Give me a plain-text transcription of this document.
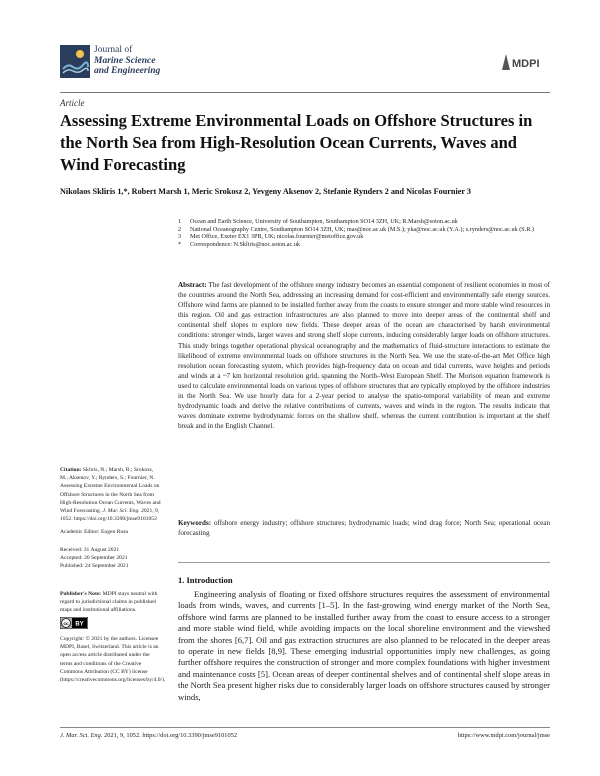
Journal of
Marine Science
and Engineering
MDPI
Article
Assessing Extreme Environmental Loads on Offshore Structures in the North Sea from High-Resolution Ocean Currents, Waves and Wind Forecasting
Nikolaos Skliris 1,*, Robert Marsh 1, Meric Srokosz 2, Yevgeny Aksenov 2, Stefanie Rynders 2 and Nicolas Fournier 3
1	Ocean and Earth Science, University of Southampton, Southampton SO14 3ZH, UK; R.Marsh@soton.ac.uk
2	National Oceanography Centre, Southampton SO14 3ZH, UK; mas@noc.ac.uk (M.S.); yka@noc.ac.uk (Y.A.); s.rynders@noc.ac.uk (S.R.)
3	Met Office, Exeter EX1 3PB, UK; nicolas.fournier@metoffice.gov.uk
*	Correspondence: N.Skliris@noc.soton.ac.uk
Abstract: The fast development of the offshore energy industry becomes an essential component of resilient economies in most of the countries around the North Sea, addressing an increasing demand for cost-efficient and environmentally safe energy sources. Offshore wind farms are planned to be installed further away from the coasts to ensure stronger and more stable wind resources in this region. Oil and gas extraction infrastructures are also planned to move into deeper areas of the continental shelf and continental shelf slopes to explore new fields. These deeper areas of the ocean are characterised by harsh environmental conditions: stronger winds, larger waves and strong shelf slope currents, inducing considerably larger loads on offshore structures. This study brings together operational physical oceanography and the mathematics of fluid-structure interactions to estimate the likelihood of extreme environmental loads on offshore structures in the North Sea. We use the state-of-the-art Met Office high resolution ocean forecasting system, which provides high-frequency data on ocean and tidal currents, wave heights and periods and winds at a ~7 km horizontal resolution grid, spanning the North–West European Shelf. The Morison equation framework is used to calculate environmental loads on various types of offshore structures that are typically employed by the offshore industries in the North Sea. We use hourly data for a 2-year period to analyse the spatio-temporal variability of mean and extreme hydrodynamic loads and derive the relative contributions of currents, waves and winds in the region. The results indicate that waves dominate extreme hydrodynamic forces on the shallow shelf, whereas the current contribution is important at the shelf break and in the English Channel.
Keywords: offshore energy industry; offshore structures; hydrodynamic loads; wind drag force; North Sea; operational ocean forecasting
Citation: Skliris, N.; Marsh, R.; Srokosz, M.; Aksenov, Y.; Rynders, S.; Fournier, N. Assessing Extreme Environmental Loads on Offshore Structures in the North Sea from High-Resolution Ocean Currents, Waves and Wind Forecasting. J. Mar. Sci. Eng. 2021, 9, 1052. https://doi.org/10.3390/jmse9101052
Academic Editor: Eugen Rusu
Received: 31 August 2021
Accepted: 20 September 2021
Published: 24 September 2021
Publisher's Note: MDPI stays neutral with regard to jurisdictional claims in published maps and institutional affiliations.
cc BY
Copyright: © 2021 by the authors. Licensee MDPI, Basel, Switzerland. This article is an open access article distributed under the terms and conditions of the Creative Commons Attribution (CC BY) license (https://creativecommons.org/licenses/by/4.0/).
1. Introduction
Engineering analysis of floating or fixed offshore structures requires the assessment of environmental loads from winds, waves, and currents [1–5]. In the fast-growing wind energy market of the North Sea, offshore wind farms are planned to be installed further away from the coast to ensure access to a stronger and more stable wind field, while avoiding impacts on the local shoreline environment and the viewshed from the shores [6,7]. Oil and gas extraction structures are also planned to be relocated in the deeper areas to operate in new fields [8,9]. These emerging industrial opportunities imply new challenges, as going further offshore requires the construction of stronger and more complex foundations with higher investment and maintenance costs [5]. Ocean areas of deeper continental shelves and of continental shelf slope areas in the North Sea present higher risks due to considerably larger loads on offshore structures caused by stronger winds,
J. Mar. Sci. Eng. 2021, 9, 1052. https://doi.org/10.3390/jmse9101052	https://www.mdpi.com/journal/jmse
